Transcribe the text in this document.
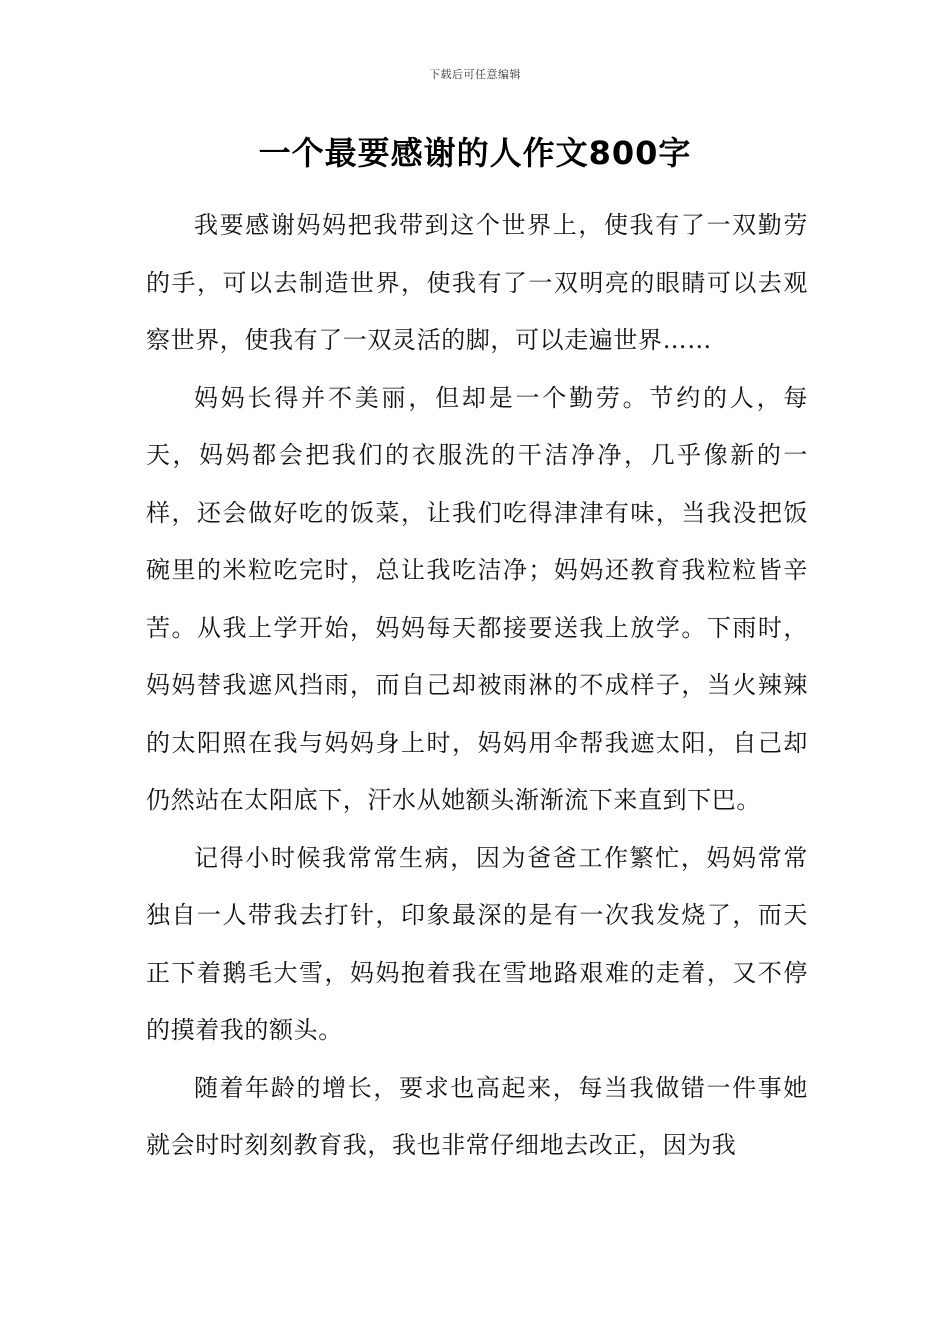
下载后可任意编辑
一个最要感谢的人作文800字

我要感谢妈妈把我带到这个世界上，使我有了一双勤劳的手，可以去制造世界，使我有了一双明亮的眼睛可以去观察世界，使我有了一双灵活的脚，可以走遍世界……

妈妈长得并不美丽，但却是一个勤劳。节约的人，每天，妈妈都会把我们的衣服洗的干洁净净，几乎像新的一样，还会做好吃的饭菜，让我们吃得津津有味，当我没把饭碗里的米粒吃完时，总让我吃洁净；妈妈还教育我粒粒皆辛苦。从我上学开始，妈妈每天都接要送我上放学。下雨时，妈妈替我遮风挡雨，而自己却被雨淋的不成样子，当火辣辣的太阳照在我与妈妈身上时，妈妈用伞帮我遮太阳，自己却仍然站在太阳底下，汗水从她额头渐渐流下来直到下巴。

记得小时候我常常生病，因为爸爸工作繁忙，妈妈常常独自一人带我去打针，印象最深的是有一次我发烧了，而天正下着鹅毛大雪，妈妈抱着我在雪地路艰难的走着，又不停的摸着我的额头。

随着年龄的增长，要求也高起来，每当我做错一件事她就会时时刻刻教育我，我也非常仔细地去改正，因为我
